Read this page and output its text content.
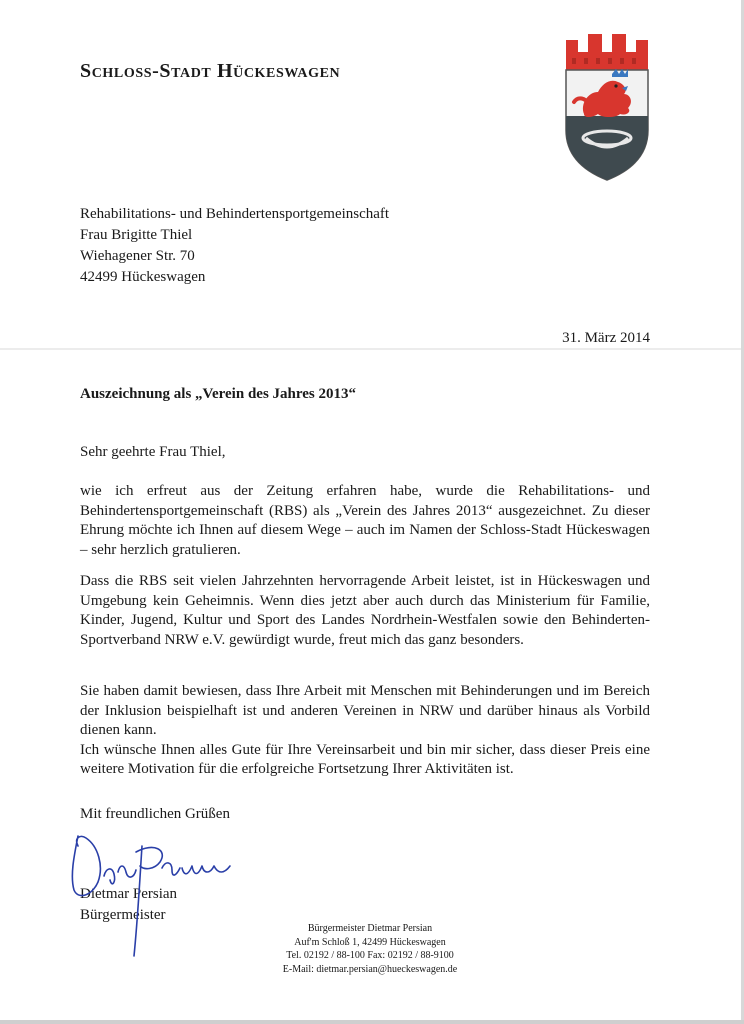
Schloss-Stadt Hückeswagen
Rehabilitations- und Behindertensportgemeinschaft
Frau Brigitte Thiel
Wiehagener Str. 70
42499 Hückeswagen
31. März 2014
Auszeichnung als „Verein des Jahres 2013“
Sehr geehrte Frau Thiel,
wie ich erfreut aus der Zeitung erfahren habe, wurde die Rehabilitations- und Behindertensportgemeinschaft (RBS) als „Verein des Jahres 2013“ ausgezeichnet. Zu dieser Ehrung möchte ich Ihnen auf diesem Wege – auch im Namen der Schloss-Stadt Hückeswagen – sehr herzlich gratulieren.
Dass die RBS seit vielen Jahrzehnten hervorragende Arbeit leistet, ist in Hückeswagen und Umgebung kein Geheimnis. Wenn dies jetzt aber auch durch das Ministerium für Familie, Kinder, Jugend, Kultur und Sport des Landes Nordrhein-Westfalen sowie den Behinderten-Sportverband NRW e.V. gewürdigt wurde, freut mich das ganz besonders.
Sie haben damit bewiesen, dass Ihre Arbeit mit Menschen mit Behinderungen und im Bereich der Inklusion beispielhaft ist und anderen Vereinen in NRW und darüber hinaus als Vorbild dienen kann.
Ich wünsche Ihnen alles Gute für Ihre Vereinsarbeit und bin mir sicher, dass dieser Preis eine weitere Motivation für die erfolgreiche Fortsetzung Ihrer Aktivitäten ist.
Mit freundlichen Grüßen
Dietmar Persian
Bürgermeister
Bürgermeister Dietmar Persian
Auf'm Schloß 1, 42499 Hückeswagen
Tel. 02192 / 88-100 Fax: 02192 / 88-9100
E-Mail: dietmar.persian@hueckeswagen.de
